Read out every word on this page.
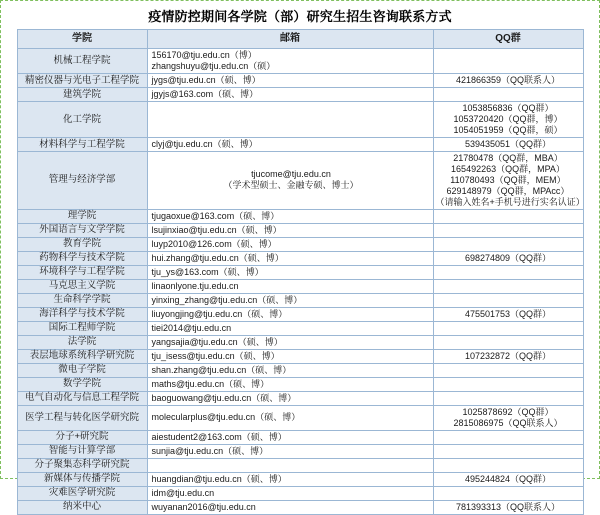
疫情防控期间各学院（部）研究生招生咨询联系方式
学院	邮箱	QQ群
机械工程学院	156170@tju.edu.cn（博）
zhangshuyu@tju.edu.cn（硕）	

精密仪器与光电子工程学院	jygs@tju.edu.cn（硕、博）	421866359（QQ联系人）

建筑学院	jgyjs@163.com（硕、博）	

化工学院		1053856836（QQ群）
1053720420（QQ群，博）
1054051959（QQ群，硕）

材料科学与工程学院	clyj@tju.edu.cn（硕、博）	539435051（QQ群）

管理与经济学部	tjucome@tju.edu.cn
（学术型硕士、金融专硕、博士）	21780478（QQ群，MBA）
165492263（QQ群，MPA）
110780493（QQ群，MEM）
629148979（QQ群，MPAcc）
（请输入姓名+手机号进行实名认证）

理学院	tjugaoxue@163.com（硕、博）	

外国语言与文学学院	lsujinxiao@tju.edu.cn（硕、博）	

教育学院	luyp2010@126.com（硕、博）	

药物科学与技术学院	hui.zhang@tju.edu.cn（硕、博）	698274809（QQ群）

环境科学与工程学院	tju_ys@163.com（硕、博）	

马克思主义学院	linaonlyone.tju.edu.cn	

生命科学学院	yinxing_zhang@tju.edu.cn（硕、博）	

海洋科学与技术学院	liuyongjing@tju.edu.cn（硕、博）	475501753（QQ群）

国际工程师学院	tiei2014@tju.edu.cn	

法学院	yangsajia@tju.edu.cn（硕、博）	

表层地球系统科学研究院	tju_isess@tju.edu.cn（硕、博）	107232872（QQ群）

微电子学院	shan.zhang@tju.edu.cn（硕、博）	

数学学院	maths@tju.edu.cn（硕、博）	

电气自动化与信息工程学院	baoguowang@tju.edu.cn（硕、博）	

医学工程与转化医学研究院	molecularplus@tju.edu.cn（硕、博）	1025878692（QQ群）
2815086975（QQ联系人）

分子+研究院	aiestudent2@163.com（硕、博）	

智能与计算学部	sunjia@tju.edu.cn（硕、博）	

分子聚集态科学研究院		
新媒体与传播学院	huangdian@tju.edu.cn（硕、博）	495244824（QQ群）

灾难医学研究院	idm@tju.edu.cn	

纳米中心	wuyanan2016@tju.edu.cn	781393313（QQ联系人）
